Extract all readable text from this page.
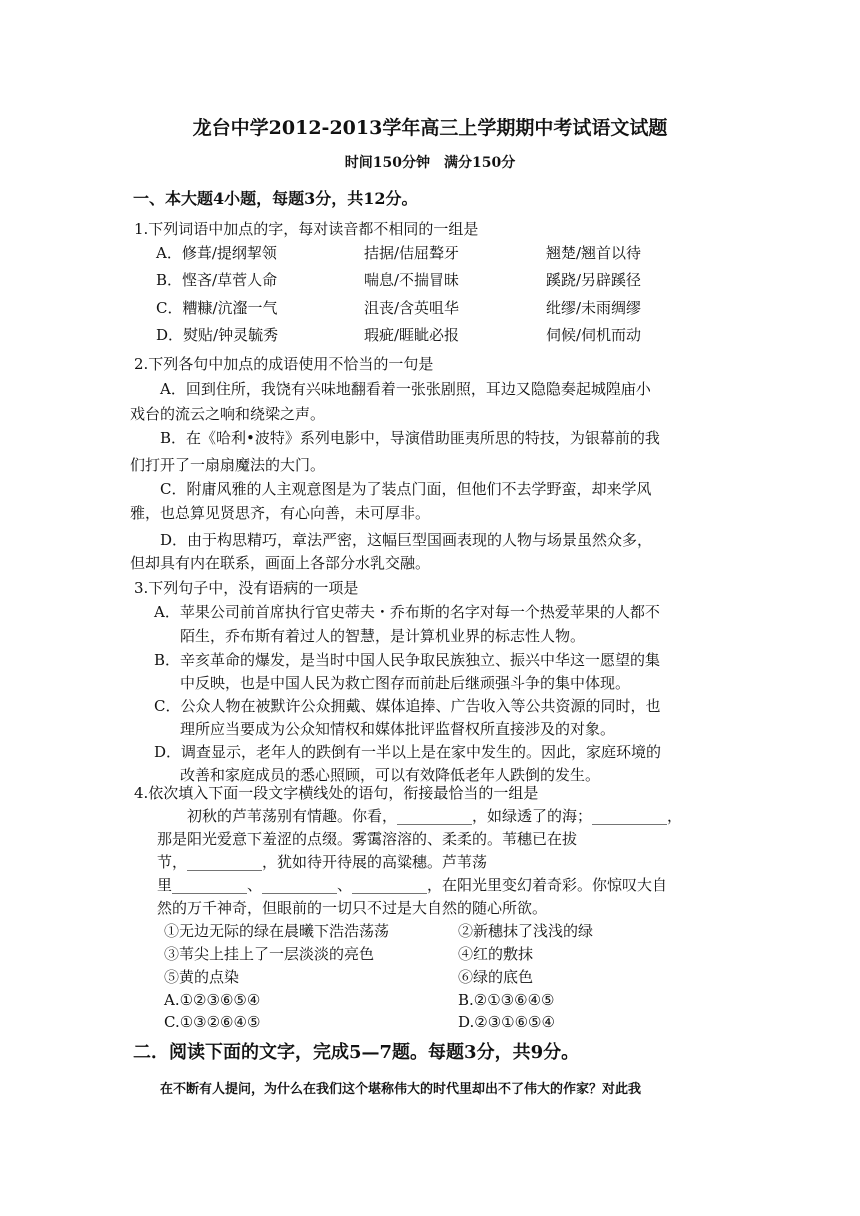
龙台中学2012-2013学年高三上学期期中考试语文试题
时间150分钟　满分150分
一、本大题4小题，每题3分，共12分。
1.下列词语中加点的字，每对读音都不相同的一组是
A．修葺/提纲挈领	拮据/佶屈聱牙	翘楚/翘首以待
B．悭吝/草菅人命	喘息/不揣冒昧	蹊跷/另辟蹊径
C．糟糠/沆瀣一气	沮丧/含英咀华	纰缪/未雨绸缪
D．熨贴/钟灵毓秀	瑕疵/睚眦必报	伺候/伺机而动
2.下列各句中加点的成语使用不恰当的一句是
A．回到住所，我饶有兴味地翻看着一张张剧照，耳边又隐隐奏起城隍庙小
戏台的流云之响和绕梁之声。
B．在《哈利•波特》系列电影中，导演借助匪夷所思的特技，为银幕前的我
们打开了一扇扇魔法的大门。
C．附庸风雅的人主观意图是为了装点门面，但他们不去学野蛮，却来学风
雅，也总算见贤思齐，有心向善，未可厚非。
D．由于构思精巧，章法严密，这幅巨型国画表现的人物与场景虽然众多，
但却具有内在联系，画面上各部分水乳交融。
3.下列句子中，没有语病的一项是
A．苹果公司前首席执行官史蒂夫・乔布斯的名字对每一个热爱苹果的人都不
陌生，乔布斯有着过人的智慧，是计算机业界的标志性人物。
B．辛亥革命的爆发，是当时中国人民争取民族独立、振兴中华这一愿望的集
中反映，也是中国人民为救亡图存而前赴后继顽强斗争的集中体现。
C．公众人物在被默许公众拥戴、媒体追捧、广告收入等公共资源的同时，也
理所应当要成为公众知情权和媒体批评监督权所直接涉及的对象。
D．调查显示，老年人的跌倒有一半以上是在家中发生的。因此，家庭环境的
改善和家庭成员的悉心照顾，可以有效降低老年人跌倒的发生。
4.依次填入下面一段文字横线处的语句，衔接最恰当的一组是
初秋的芦苇荡别有情趣。你看，__________，如绿透了的海；__________，
那是阳光爱意下羞涩的点缀。雾霭溶溶的、柔柔的。苇穗已在拔
节，__________，犹如待开待展的高粱穗。芦苇荡
里__________、__________、__________，在阳光里变幻着奇彩。你惊叹大自
然的万千神奇，但眼前的一切只不过是大自然的随心所欲。
①无边无际的绿在晨曦下浩浩荡荡	②新穗抹了浅浅的绿
③苇尖上挂上了一层淡淡的亮色	④红的敷抹
⑤黄的点染	⑥绿的底色
A.①②③⑥⑤④	B.②①③⑥④⑤
C.①③②⑥④⑤	D.②③①⑥⑤④
二．阅读下面的文字，完成5—7题。每题3分，共9分。
在不断有人提问，为什么在我们这个堪称伟大的时代里却出不了伟大的作家？对此我
